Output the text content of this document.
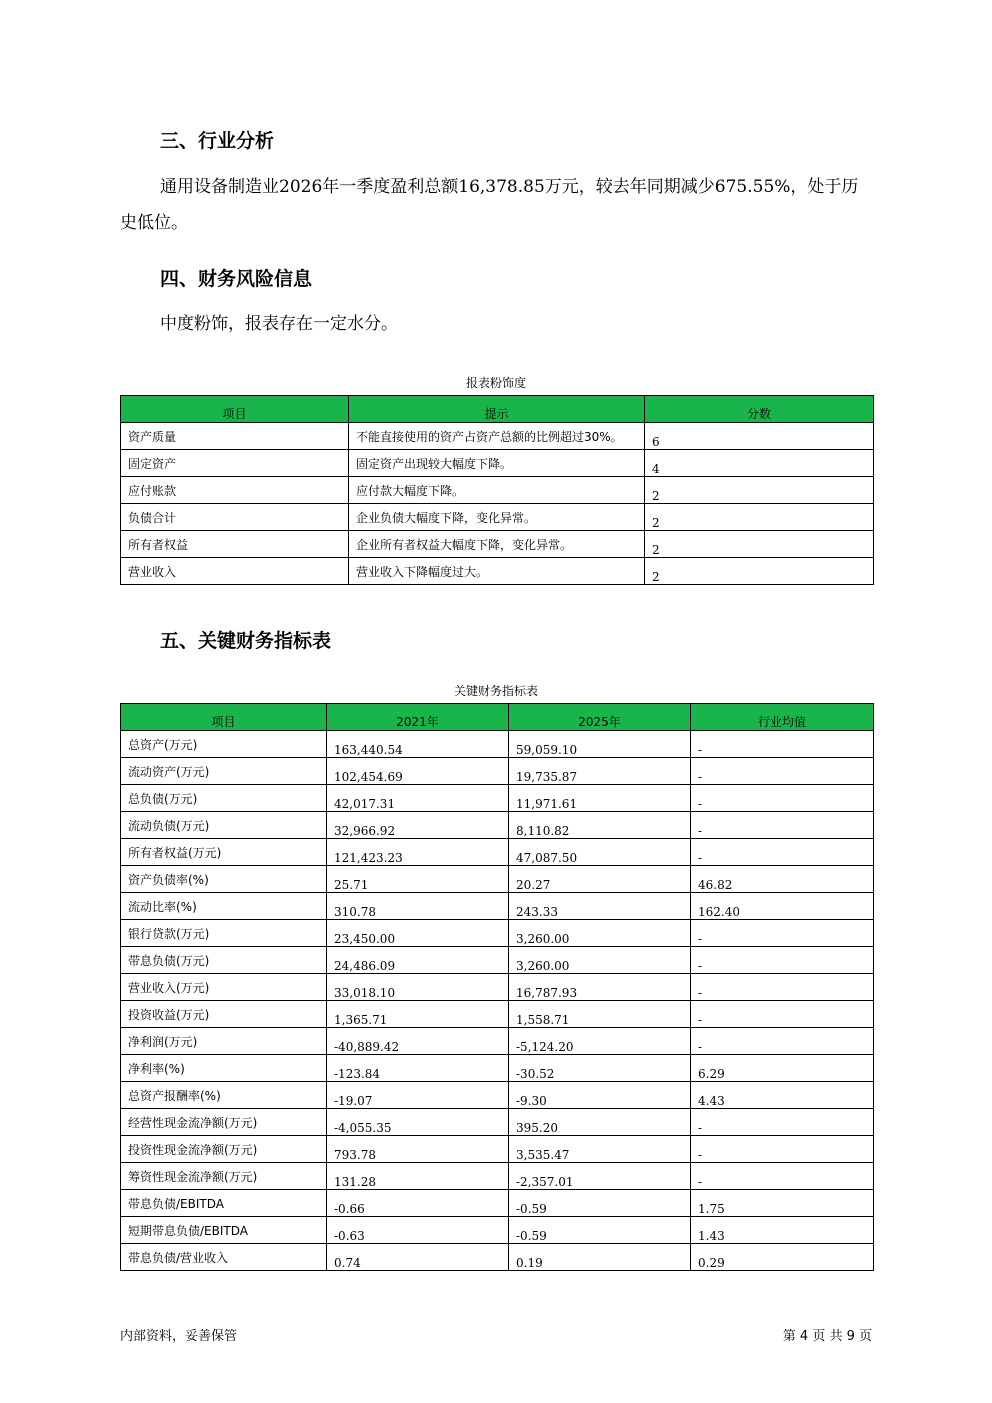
三、行业分析

通用设备制造业2026年一季度盈利总额16,378.85万元，较去年同期减少675.55%，处于历史低位。

四、财务风险信息

中度粉饰，报表存在一定水分。

报表粉饰度
项目	提示	分数
资产质量	不能直接使用的资产占资产总额的比例超过30%。	6
固定资产	固定资产出现较大幅度下降。	4
应付账款	应付款大幅度下降。	2
负债合计	企业负债大幅度下降，变化异常。	2
所有者权益	企业所有者权益大幅度下降，变化异常。	2
营业收入	营业收入下降幅度过大。	2
五、关键财务指标表
关键财务指标表
项目	2021年	2025年	行业均值
总资产(万元)	163,440.54	59,059.10	-
流动资产(万元)	102,454.69	19,735.87	-
总负债(万元)	42,017.31	11,971.61	-
流动负债(万元)	32,966.92	8,110.82	-
所有者权益(万元)	121,423.23	47,087.50	-
资产负债率(%)	25.71	20.27	46.82
流动比率(%)	310.78	243.33	162.40
银行贷款(万元)	23,450.00	3,260.00	-
带息负债(万元)	24,486.09	3,260.00	-
营业收入(万元)	33,018.10	16,787.93	-
投资收益(万元)	1,365.71	1,558.71	-
净利润(万元)	-40,889.42	-5,124.20	-
净利率(%)	-123.84	-30.52	6.29
总资产报酬率(%)	-19.07	-9.30	4.43
经营性现金流净额(万元)	-4,055.35	395.20	-
投资性现金流净额(万元)	793.78	3,535.47	-
筹资性现金流净额(万元)	131.28	-2,357.01	-
带息负债/EBITDA	-0.66	-0.59	1.75
短期带息负债/EBITDA	-0.63	-0.59	1.43
带息负债/营业收入	0.74	0.19	0.29
内部资料，妥善保管	第 4 页 共 9 页
